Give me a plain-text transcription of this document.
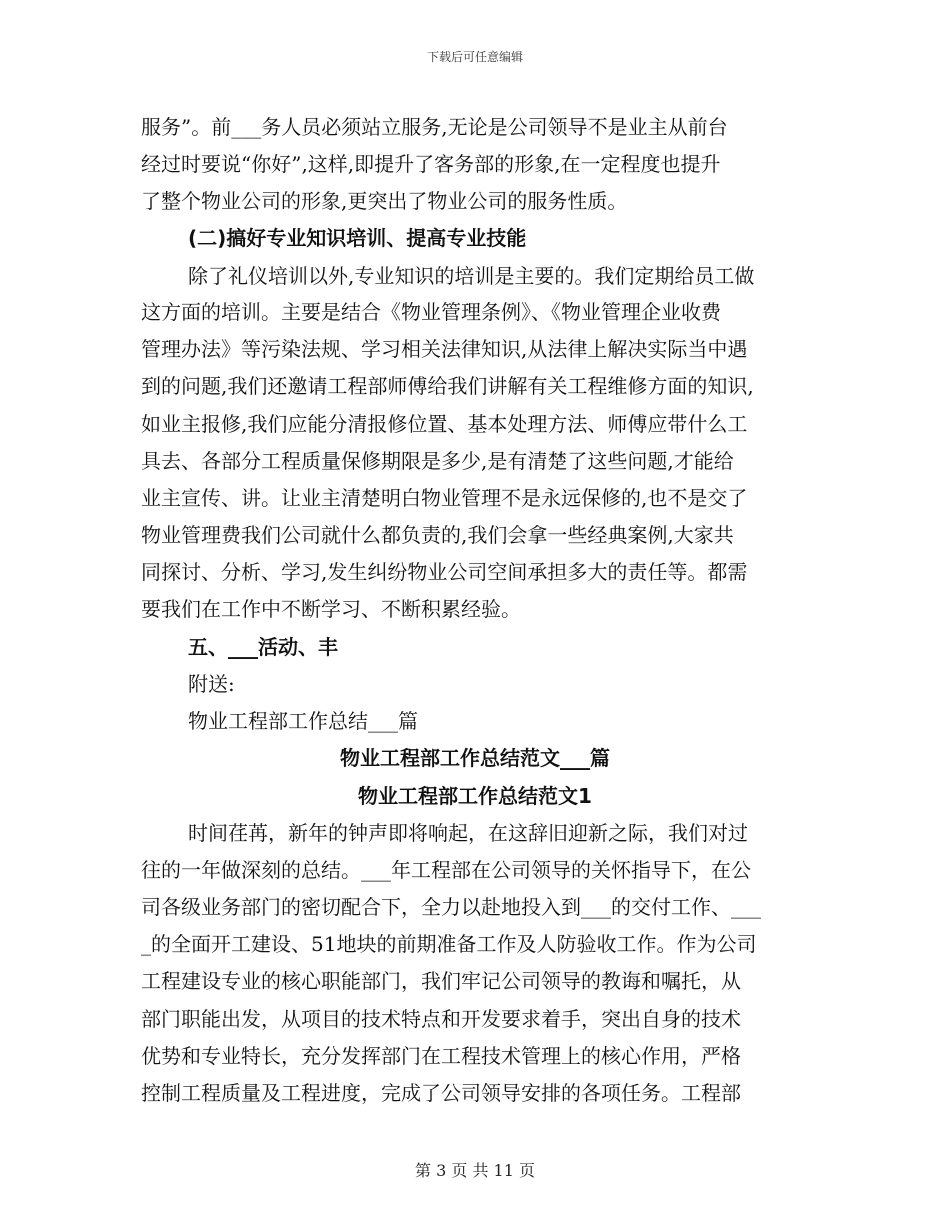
下载后可任意编辑
服务”。前___务人员必须站立服务,无论是公司领导不是业主从前台
经过时要说“你好”,这样,即提升了客务部的形象,在一定程度也提升
了整个物业公司的形象,更突出了物业公司的服务性质。
(二)搞好专业知识培训、提高专业技能
除了礼仪培训以外,专业知识的培训是主要的。我们定期给员工做
这方面的培训。主要是结合《物业管理条例》、《物业管理企业收费
管理办法》等污染法规、学习相关法律知识,从法律上解决实际当中遇
到的问题,我们还邀请工程部师傅给我们讲解有关工程维修方面的知识,
如业主报修,我们应能分清报修位置、基本处理方法、师傅应带什么工
具去、各部分工程质量保修期限是多少,是有清楚了这些问题,才能给
业主宣传、讲。让业主清楚明白物业管理不是永远保修的,也不是交了
物业管理费我们公司就什么都负责的,我们会拿一些经典案例,大家共
同探讨、分析、学习,发生纠纷物业公司空间承担多大的责任等。都需
要我们在工作中不断学习、不断积累经验。
五、___活动、丰
附送:
物业工程部工作总结___篇
物业工程部工作总结范文___篇
物业工程部工作总结范文1
时间荏苒，新年的钟声即将响起，在这辞旧迎新之际，我们对过
往的一年做深刻的总结。___年工程部在公司领导的关怀指导下，在公
司各级业务部门的密切配合下，全力以赴地投入到___的交付工作、___
_的全面开工建设、51地块的前期准备工作及人防验收工作。作为公司
工程建设专业的核心职能部门，我们牢记公司领导的教诲和嘱托，从
部门职能出发，从项目的技术特点和开发要求着手，突出自身的技术
优势和专业特长，充分发挥部门在工程技术管理上的核心作用，严格
控制工程质量及工程进度，完成了公司领导安排的各项任务。工程部
第 3 页 共 11 页
